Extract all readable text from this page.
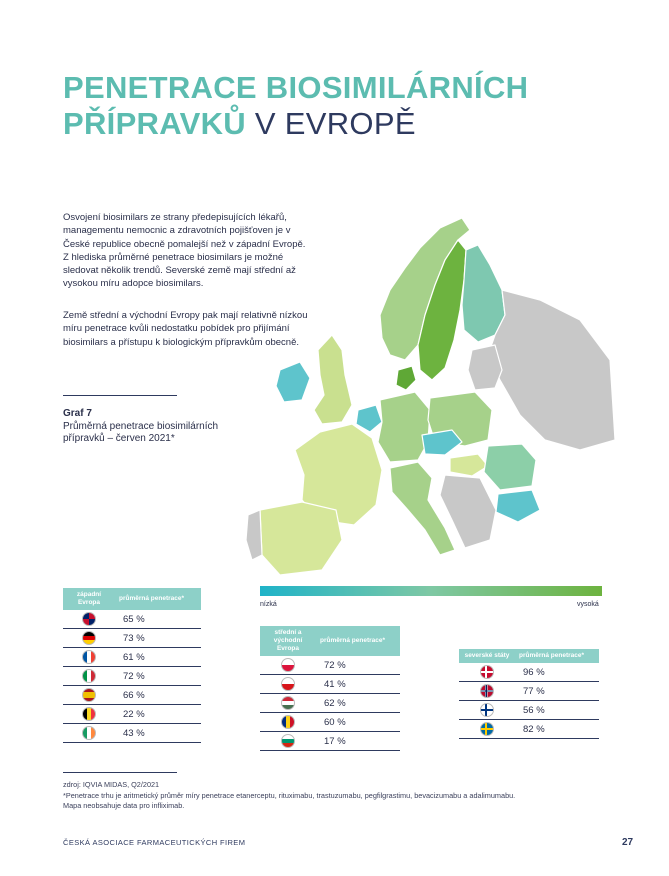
PENETRACE BIOSIMILÁRNÍCH
PŘÍPRAVKŮ V EVROPĚ

Osvojení biosimilars ze strany předepisujících lékařů, managementu nemocnic a zdravotních pojišťoven je v České republice obecně pomalejší než v západní Evropě. Z hlediska průměrné penetrace biosimilars je možné sledovat několik trendů. Severské země mají střední až vysokou míru adopce biosimilars.

Země střední a východní Evropy pak mají relativně nízkou míru penetrace kvůli nedostatku pobídek pro přijímání biosimilars a přístupu k biologickým přípravkům obecně.

Graf 7
Průměrná penetrace biosimilárních přípravků – červen 2021*
nízká	vysoká
západní Evropa	průměrná penetrace*
	65 %
	73 %
	61 %
	72 %
	66 %
	22 %
	43 %
střední a východní Evropa	průměrná penetrace*
	72 %
	41 %
	62 %
	60 %
	17 %
severské státy	průměrná penetrace*
	96 %
	77 %
	56 %
	82 %
zdroj: IQVIA MIDAS, Q2/2021
*Penetrace trhu je aritmetický průměr míry penetrace etanerceptu, rituximabu, trastuzumabu, pegfilgrastimu, bevacizumabu a adalimumabu. Mapa neobsahuje data pro infliximab.
ČESKÁ ASOCIACE FARMACEUTICKÝCH FIREM	27
